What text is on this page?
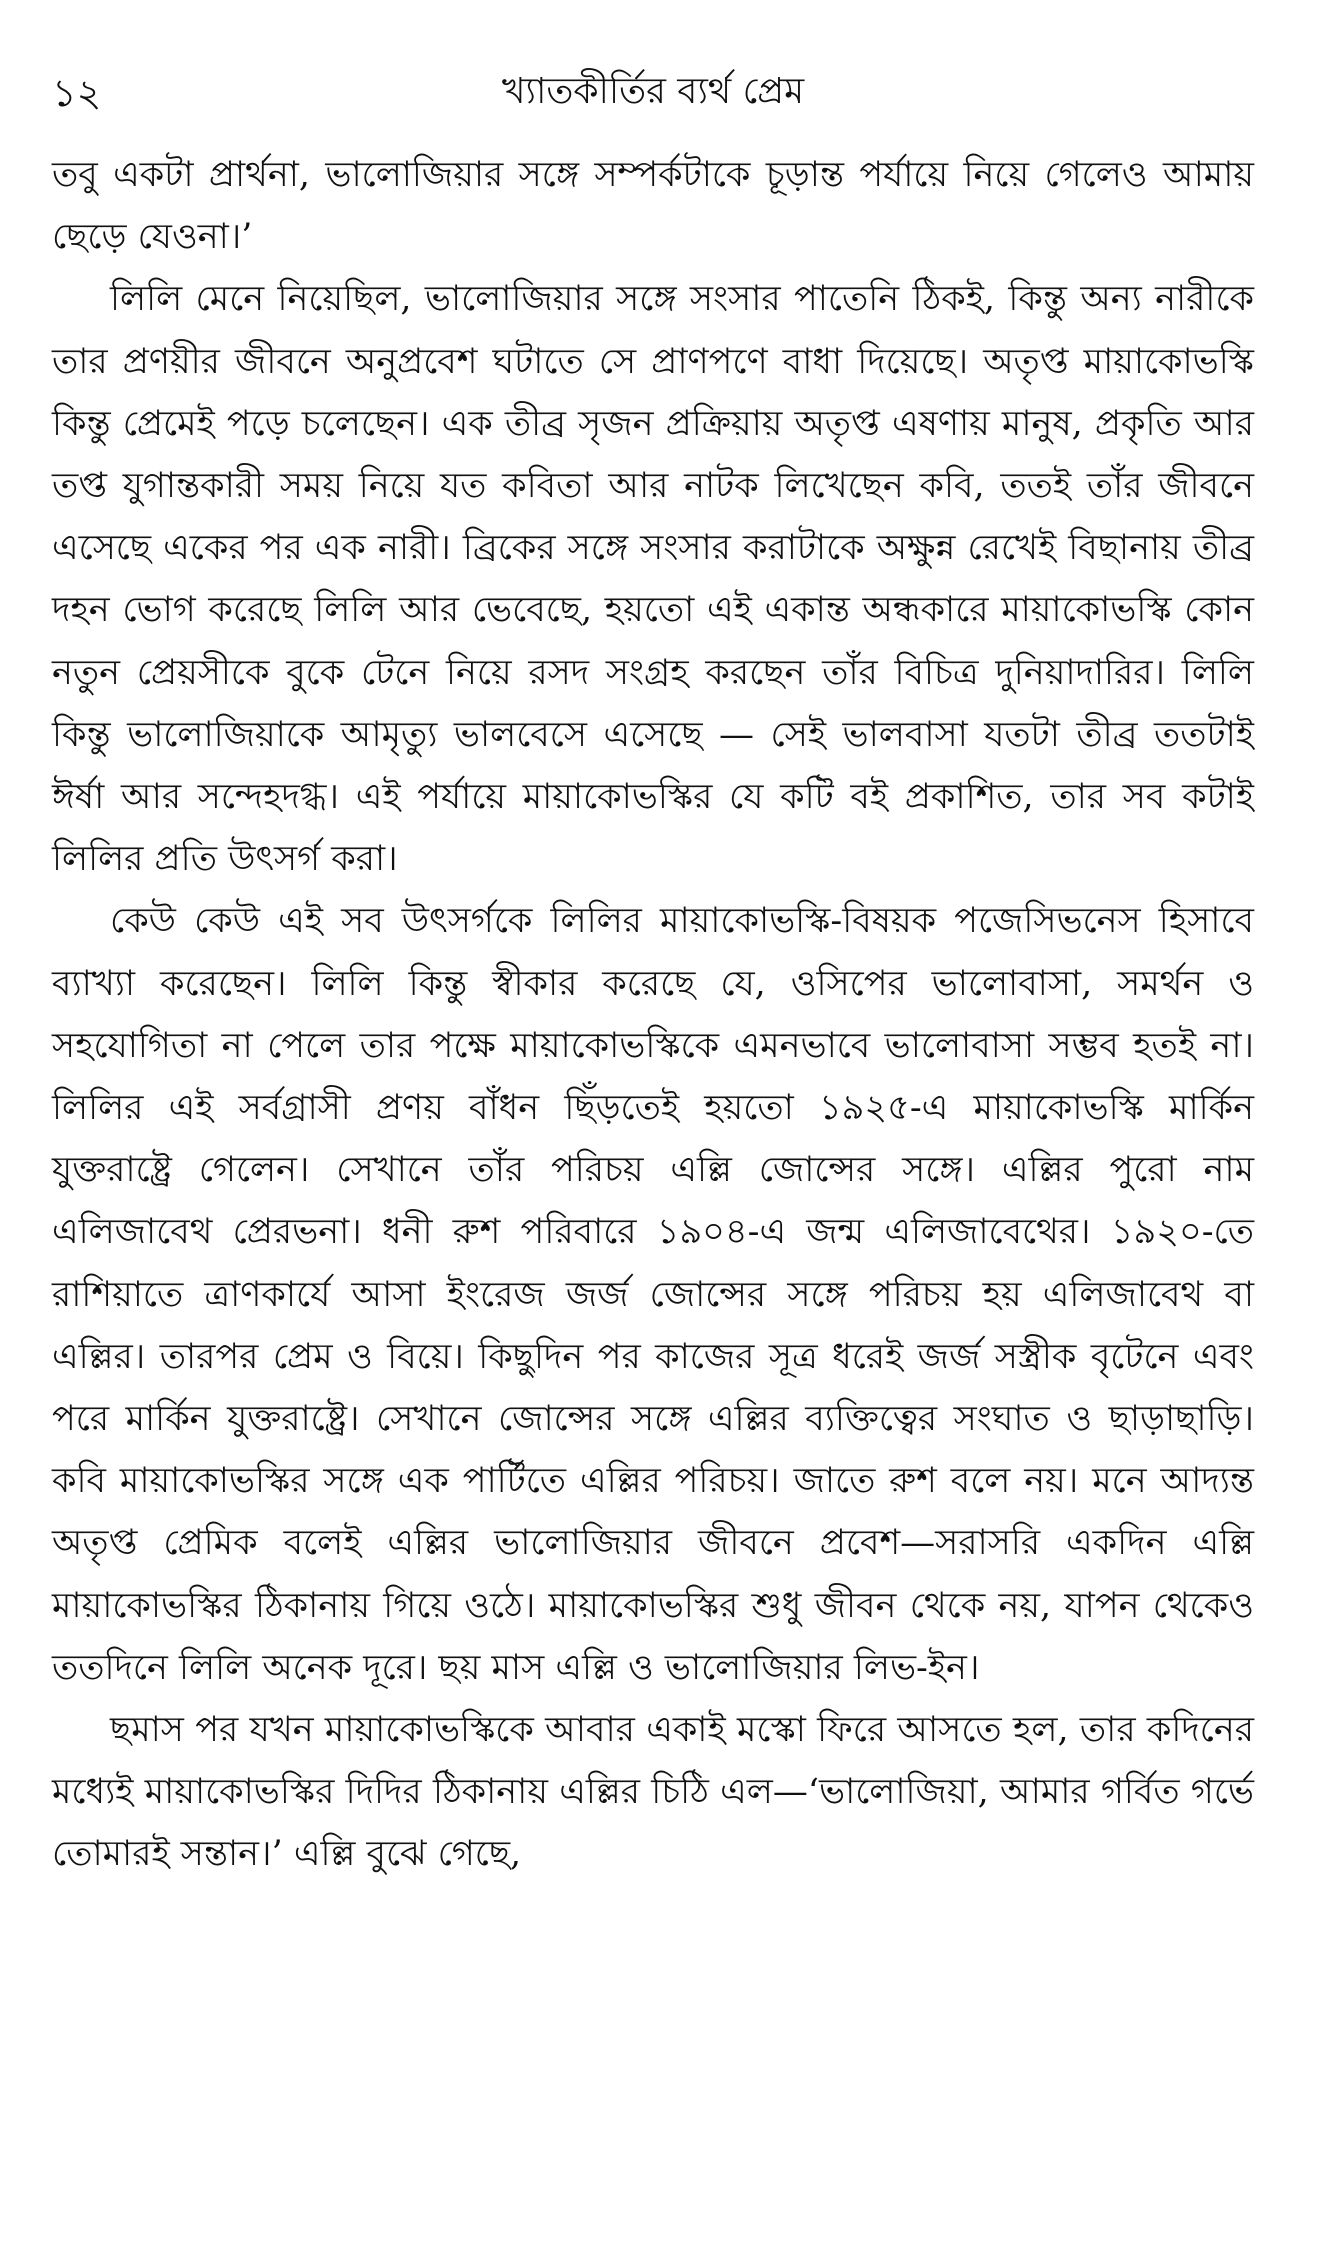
১২	খ্যাতকীর্তির ব্যর্থ প্রেম

তবু একটা প্রার্থনা, ভালোজিয়ার সঙ্গে সম্পর্কটাকে চূড়ান্ত পর্যায়ে নিয়ে গেলেও আমায় ছেড়ে যেওনা।’

লিলি মেনে নিয়েছিল, ভালোজিয়ার সঙ্গে সংসার পাতেনি ঠিকই, কিন্তু অন্য নারীকে তার প্রণয়ীর জীবনে অনুপ্রবেশ ঘটাতে সে প্রাণপণে বাধা দিয়েছে। অতৃপ্ত মায়াকোভস্কি কিন্তু প্রেমেই পড়ে চলেছেন। এক তীব্র সৃজন প্রক্রিয়ায় অতৃপ্ত এষণায় মানুষ, প্রকৃতি আর তপ্ত যুগান্তকারী সময় নিয়ে যত কবিতা আর নাটক লিখেছেন কবি, ততই তাঁর জীবনে এসেছে একের পর এক নারী। ব্রিকের সঙ্গে সংসার করাটাকে অক্ষুন্ন রেখেই বিছানায় তীব্র দহন ভোগ করেছে লিলি আর ভেবেছে, হয়তো এই একান্ত অন্ধকারে মায়াকোভস্কি কোন নতুন প্রেয়সীকে বুকে টেনে নিয়ে রসদ সংগ্রহ করছেন তাঁর বিচিত্র দুনিয়াদারির। লিলি কিন্তু ভালোজিয়াকে আমৃত্যু ভালবেসে এসেছে — সেই ভালবাসা যতটা তীব্র ততটাই ঈর্ষা আর সন্দেহদগ্ধ। এই পর্যায়ে মায়াকোভস্কির যে কটি বই প্রকাশিত, তার সব কটাই লিলির প্রতি উৎসর্গ করা।

কেউ কেউ এই সব উৎসর্গকে লিলির মায়াকোভস্কি-বিষয়ক পজেসিভনেস হিসাবে ব্যাখ্যা করেছেন। লিলি কিন্তু স্বীকার করেছে যে, ওসিপের ভালোবাসা, সমর্থন ও সহযোগিতা না পেলে তার পক্ষে মায়াকোভস্কিকে এমনভাবে ভালোবাসা সম্ভব হতই না। লিলির এই সর্বগ্রাসী প্রণয় বাঁধন ছিঁড়তেই হয়তো ১৯২৫-এ মায়াকোভস্কি মার্কিন যুক্তরাষ্ট্রে গেলেন। সেখানে তাঁর পরিচয় এল্লি জোন্সের সঙ্গে। এল্লির পুরো নাম এলিজাবেথ প্রেরভনা। ধনী রুশ পরিবারে ১৯০৪-এ জন্ম এলিজাবেথের। ১৯২০-তে রাশিয়াতে ত্রাণকার্যে আসা ইংরেজ জর্জ জোন্সের সঙ্গে পরিচয় হয় এলিজাবেথ বা এল্লির। তারপর প্রেম ও বিয়ে। কিছুদিন পর কাজের সূত্র ধরেই জর্জ সস্ত্রীক বৃটেনে এবং পরে মার্কিন যুক্তরাষ্ট্রে। সেখানে জোন্সের সঙ্গে এল্লির ব্যক্তিত্বের সংঘাত ও ছাড়াছাড়ি। কবি মায়াকোভস্কির সঙ্গে এক পার্টিতে এল্লির পরিচয়। জাতে রুশ বলে নয়। মনে আদ্যন্ত অতৃপ্ত প্রেমিক বলেই এল্লির ভালোজিয়ার জীবনে প্রবেশ—সরাসরি একদিন এল্লি মায়াকোভস্কির ঠিকানায় গিয়ে ওঠে। মায়াকোভস্কির শুধু জীবন থেকে নয়, যাপন থেকেও ততদিনে লিলি অনেক দূরে। ছয় মাস এল্লি ও ভালোজিয়ার লিভ-ইন।

ছমাস পর যখন মায়াকোভস্কিকে আবার একাই মস্কো ফিরে আসতে হল, তার কদিনের মধ্যেই মায়াকোভস্কির দিদির ঠিকানায় এল্লির চিঠি এল—‘ভালোজিয়া, আমার গর্বিত গর্ভে তোমারই সন্তান।’ এল্লি বুঝে গেছে,
